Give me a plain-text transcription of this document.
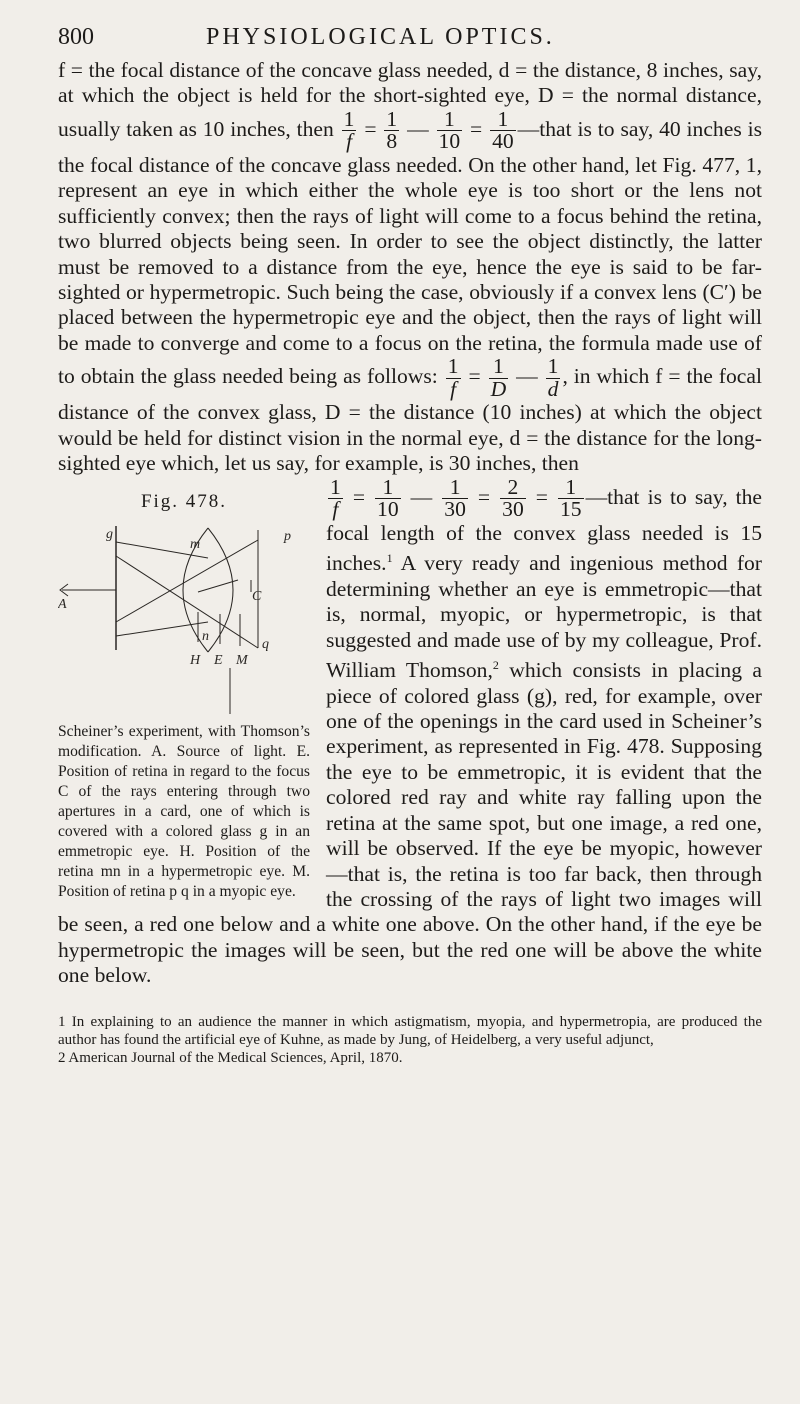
800	PHYSIOLOGICAL OPTICS.

f = the focal distance of the concave glass needed, d = the distance, 8 inches, say, at which the object is held for the short-sighted eye, D = the normal distance, usually taken as 10 inches, then $\frac{1}{f} = \frac{1}{8}$ — $\frac{1}{10} = \frac{1}{40}$ —that is to say, 40 inches is the focal distance of the concave glass needed. On the other hand, let Fig. 477, 1, represent an eye in which either the whole eye is too short or the lens not sufficiently convex; then the rays of light will come to a focus behind the retina, two blurred objects being seen. In order to see the object distinctly, the latter must be removed to a distance from the eye, hence the eye is said to be far-sighted or hypermetropic. Such being the case, obviously if a convex lens (C′) be placed between the hypermetropic eye and the object, then the rays of light will be made to converge and come to a focus on the retina, the formula made use of to obtain the glass needed being as follows: $\frac{1}{f} = \frac{1}{D}$ — $\frac{1}{d}$ , in which f = the focal distance of the convex glass, D = the distance (10 inches) at which the object would be held for distinct vision in the normal eye, d = the distance for the long-sighted eye which, let us say, for example, is 30 inches, then

Fig. 478.
g
m
p
A
C
n
q
H E M
Scheiner’s experiment, with Thomson’s modification. A. Source of light. E. Position of retina in regard to the focus C of the rays entering through two apertures in a card, one of which is covered with a colored glass g in an emmetropic eye. H. Position of the retina mn in a hypermetropic eye. M. Position of retina p q in a myopic eye.

$\frac{1}{f} = \frac{1}{10}$ — $\frac{1}{30} = \frac{2}{30} = \frac{1}{15}$ —that is to say, the focal length of the convex glass needed is 15 inches.$^1$ A very ready and ingenious method for determining whether an eye is emmetropic—that is, normal, myopic, or hypermetropic, is that suggested and made use of by my colleague, Prof. William Thomson,$^2$ which consists in placing a piece of colored glass (g), red, for example, over one of the openings in the card used in Scheiner’s experiment, as represented in Fig. 478. Supposing the eye to be emmetropic, it is evident that the colored red ray and white ray falling upon the retina at the same spot, but one image, a red one, will be observed. If the eye be myopic, however—that is, the retina is too far back, then through the crossing of the rays of light two images will be seen, a red one below and a white one above. On the other hand, if the eye be hypermetropic the images will be seen, but the red one will be above the white one below.

1 In explaining to an audience the manner in which astigmatism, myopia, and hypermetropia, are produced the author has found the artificial eye of Kuhne, as made by Jung, of Heidelberg, a very useful adjunct,

2 American Journal of the Medical Sciences, April, 1870.
